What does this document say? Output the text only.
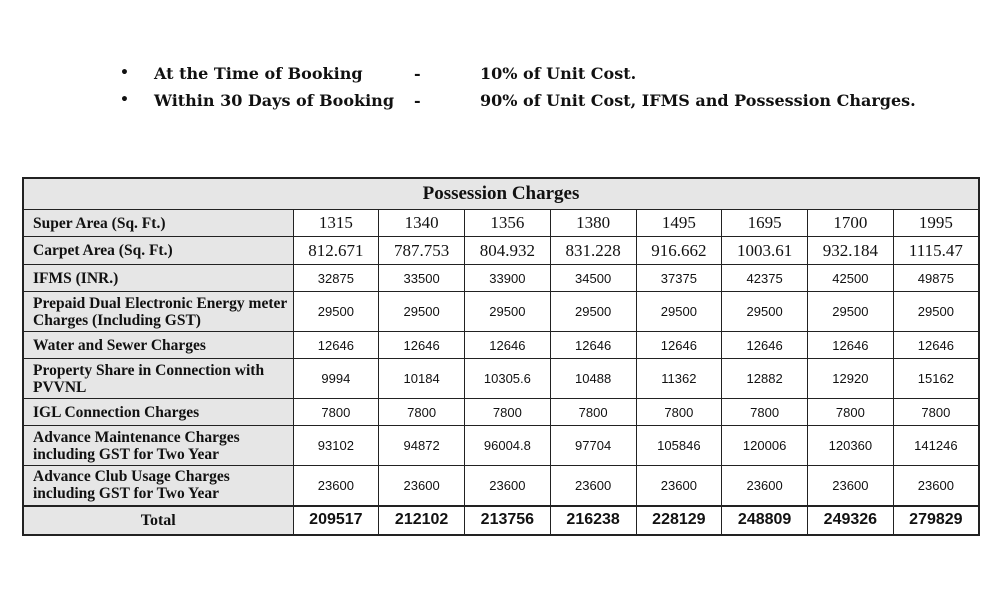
• At the Time of Booking	-	10% of Unit Cost.
• Within 30 Days of Booking -	90% of Unit Cost, IFMS and Possession Charges.
Possession Charges								
Super Area (Sq. Ft.)	1315	1340	1356	1380	1495	1695	1700	1995
Carpet Area (Sq. Ft.)	812.671	787.753	804.932	831.228	916.662	1003.61	932.184	1115.47
IFMS (INR.)	32875	33500	33900	34500	37375	42375	42500	49875
Prepaid Dual Electronic Energy meter Charges (Including GST)	29500	29500	29500	29500	29500	29500	29500	29500
Water and Sewer Charges	12646	12646	12646	12646	12646	12646	12646	12646
Property Share in Connection with PVVNL	9994	10184	10305.6	10488	11362	12882	12920	15162
IGL Connection Charges	7800	7800	7800	7800	7800	7800	7800	7800
Advance Maintenance Charges including GST for Two Year	93102	94872	96004.8	97704	105846	120006	120360	141246
Advance Club Usage Charges including GST for Two Year	23600	23600	23600	23600	23600	23600	23600	23600
Total	209517	212102	213756	216238	228129	248809	249326	279829
